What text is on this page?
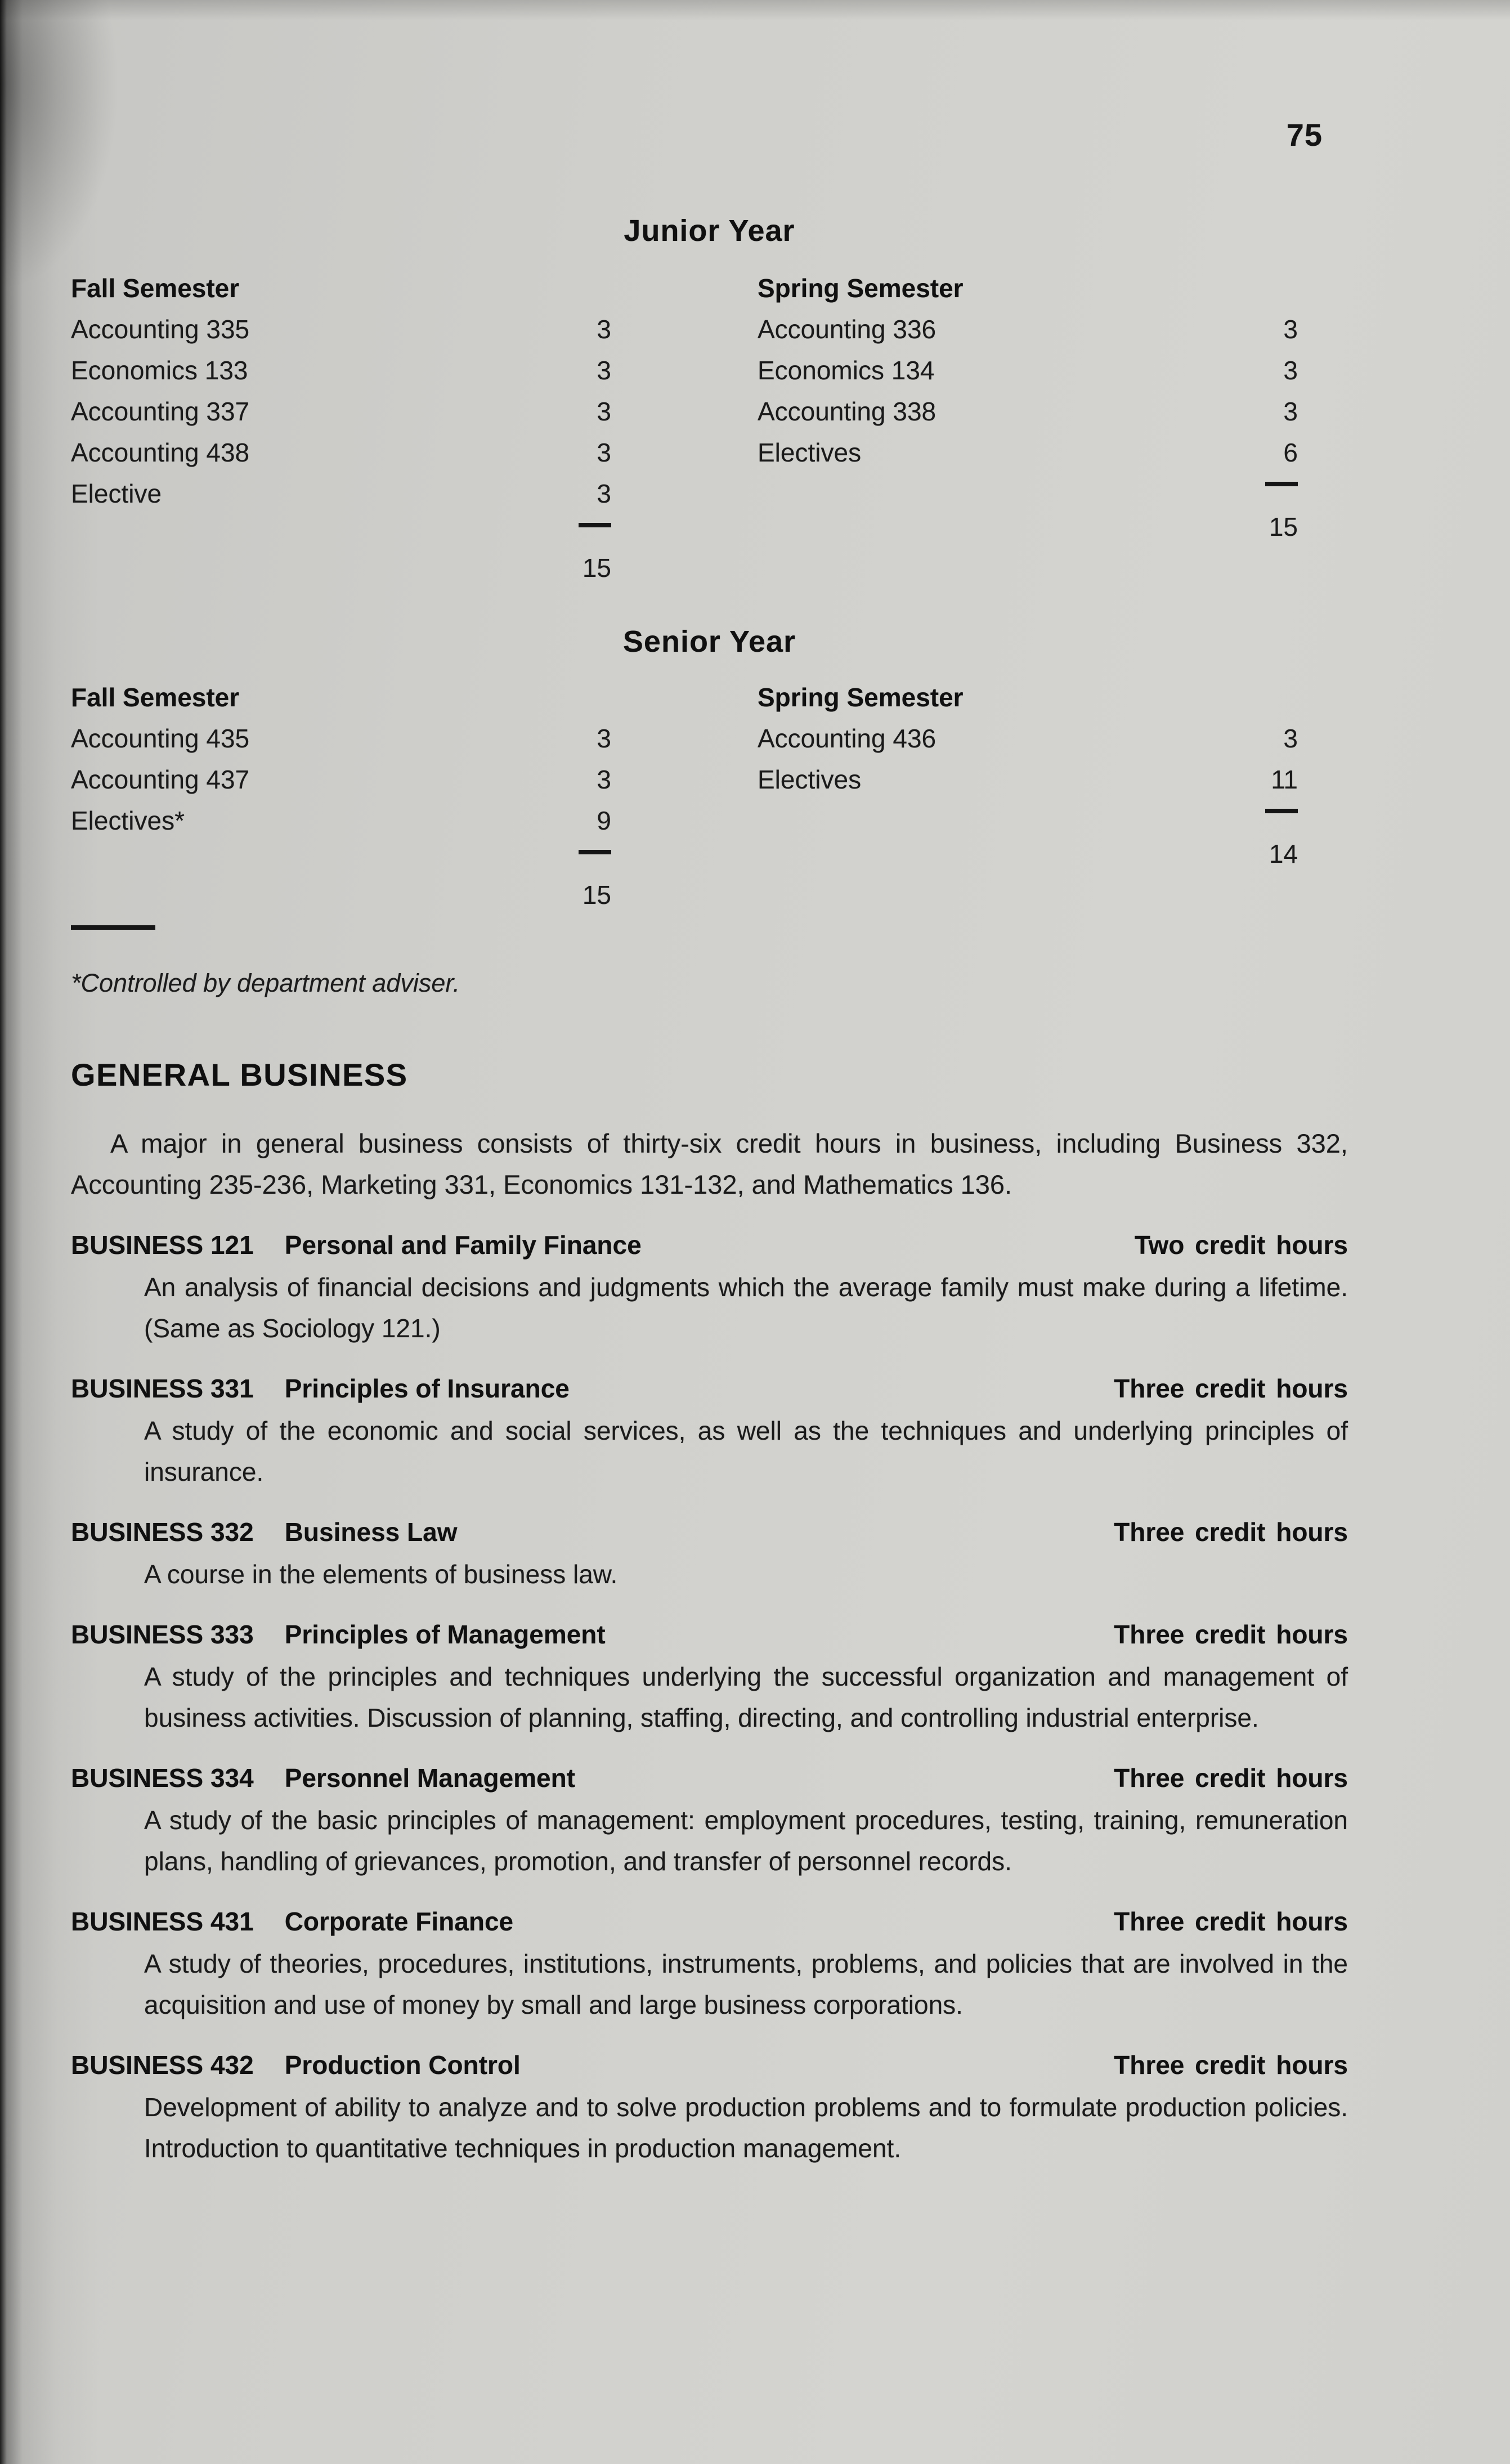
75
Junior Year
Fall Semester
Accounting 335	3
Economics 133	3
Accounting 337	3
Accounting 438	3
Elective	3
15
Spring Semester
Accounting 336	3
Economics 134	3
Accounting 338	3
Electives	6
15
Senior Year
Fall Semester
Accounting 435	3
Accounting 437	3
Electives*	9
15
Spring Semester
Accounting 436	3
Electives	11
14

*Controlled by department adviser.

GENERAL BUSINESS

A major in general business consists of thirty-six credit hours in business, including Business 332, Accounting 235-236, Marketing 331, Economics 131-132, and Mathematics 136.

BUSINESS 121 Personal and Family Finance	Two credit hours

An analysis of financial decisions and judgments which the average family must make during a lifetime. (Same as Sociology 121.)

BUSINESS 331 Principles of Insurance	Three credit hours

A study of the economic and social services, as well as the techniques and underlying principles of insurance.

BUSINESS 332 Business Law	Three credit hours

A course in the elements of business law.

BUSINESS 333 Principles of Management	Three credit hours

A study of the principles and techniques underlying the successful organization and management of business activities. Discussion of planning, staffing, directing, and controlling industrial enterprise.

BUSINESS 334 Personnel Management	Three credit hours

A study of the basic principles of management: employment procedures, testing, training, remuneration plans, handling of grievances, promotion, and transfer of personnel records.

BUSINESS 431 Corporate Finance	Three credit hours

A study of theories, procedures, institutions, instruments, problems, and policies that are involved in the acquisition and use of money by small and large business corporations.

BUSINESS 432 Production Control	Three credit hours

Development of ability to analyze and to solve production problems and to formulate production policies. Introduction to quantitative techniques in production management.
